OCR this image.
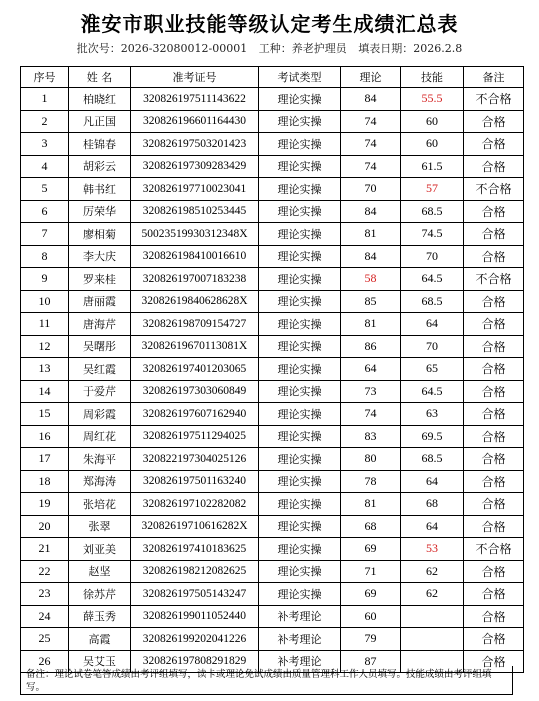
淮安市职业技能等级认定考生成绩汇总表
批次号：2026-32080012-00001 工种：养老护理员 填表日期：2026.2.8
序号	姓 名	准考证号	考试类型	理论	技能	备注
1	柏晓红	320826197511143622	理论实操	84	55.5	不合格
2	凡正国	320826196601164430	理论实操	74	60	合格
3	桂锦春	320826197503201423	理论实操	74	60	合格
4	胡彩云	320826197309283429	理论实操	74	61.5	合格
5	韩书红	320826197710023041	理论实操	70	57	不合格
6	厉荣华	320826198510253445	理论实操	84	68.5	合格
7	廖相菊	50023519930312348X	理论实操	81	74.5	合格
8	李大庆	320826198410016610	理论实操	84	70	合格
9	罗来桂	320826197007183238	理论实操	58	64.5	不合格
10	唐丽霞	32082619840628628X	理论实操	85	68.5	合格
11	唐海芹	320826198709154727	理论实操	81	64	合格
12	吴曙彤	32082619670113081X	理论实操	86	70	合格
13	吴红霞	320826197401203065	理论实操	64	65	合格
14	于爱芹	320826197303060849	理论实操	73	64.5	合格
15	周彩霞	320826197607162940	理论实操	74	63	合格
16	周红花	320826197511294025	理论实操	83	69.5	合格
17	朱海平	320822197304025126	理论实操	80	68.5	合格
18	郑海涛	320826197501163240	理论实操	78	64	合格
19	张培花	320826197102282082	理论实操	81	68	合格
20	张翠	32082619710616282X	理论实操	68	64	合格
21	刘亚美	320826197410183625	理论实操	69	53	不合格
22	赵坚	320826198212082625	理论实操	71	62	合格
23	徐苏芹	320826197505143247	理论实操	69	62	合格
24	薛玉秀	320826199011052440	补考理论	60		合格
25	高霞	320826199202041226	补考理论	79		合格
26	吴艾玉	320826197808291829	补考理论	87		合格
备注：理论试卷笔答成绩由考评组填写，读卡或理论免试成绩由质量管理科工作人员填写。技能成绩由考评组填写。
